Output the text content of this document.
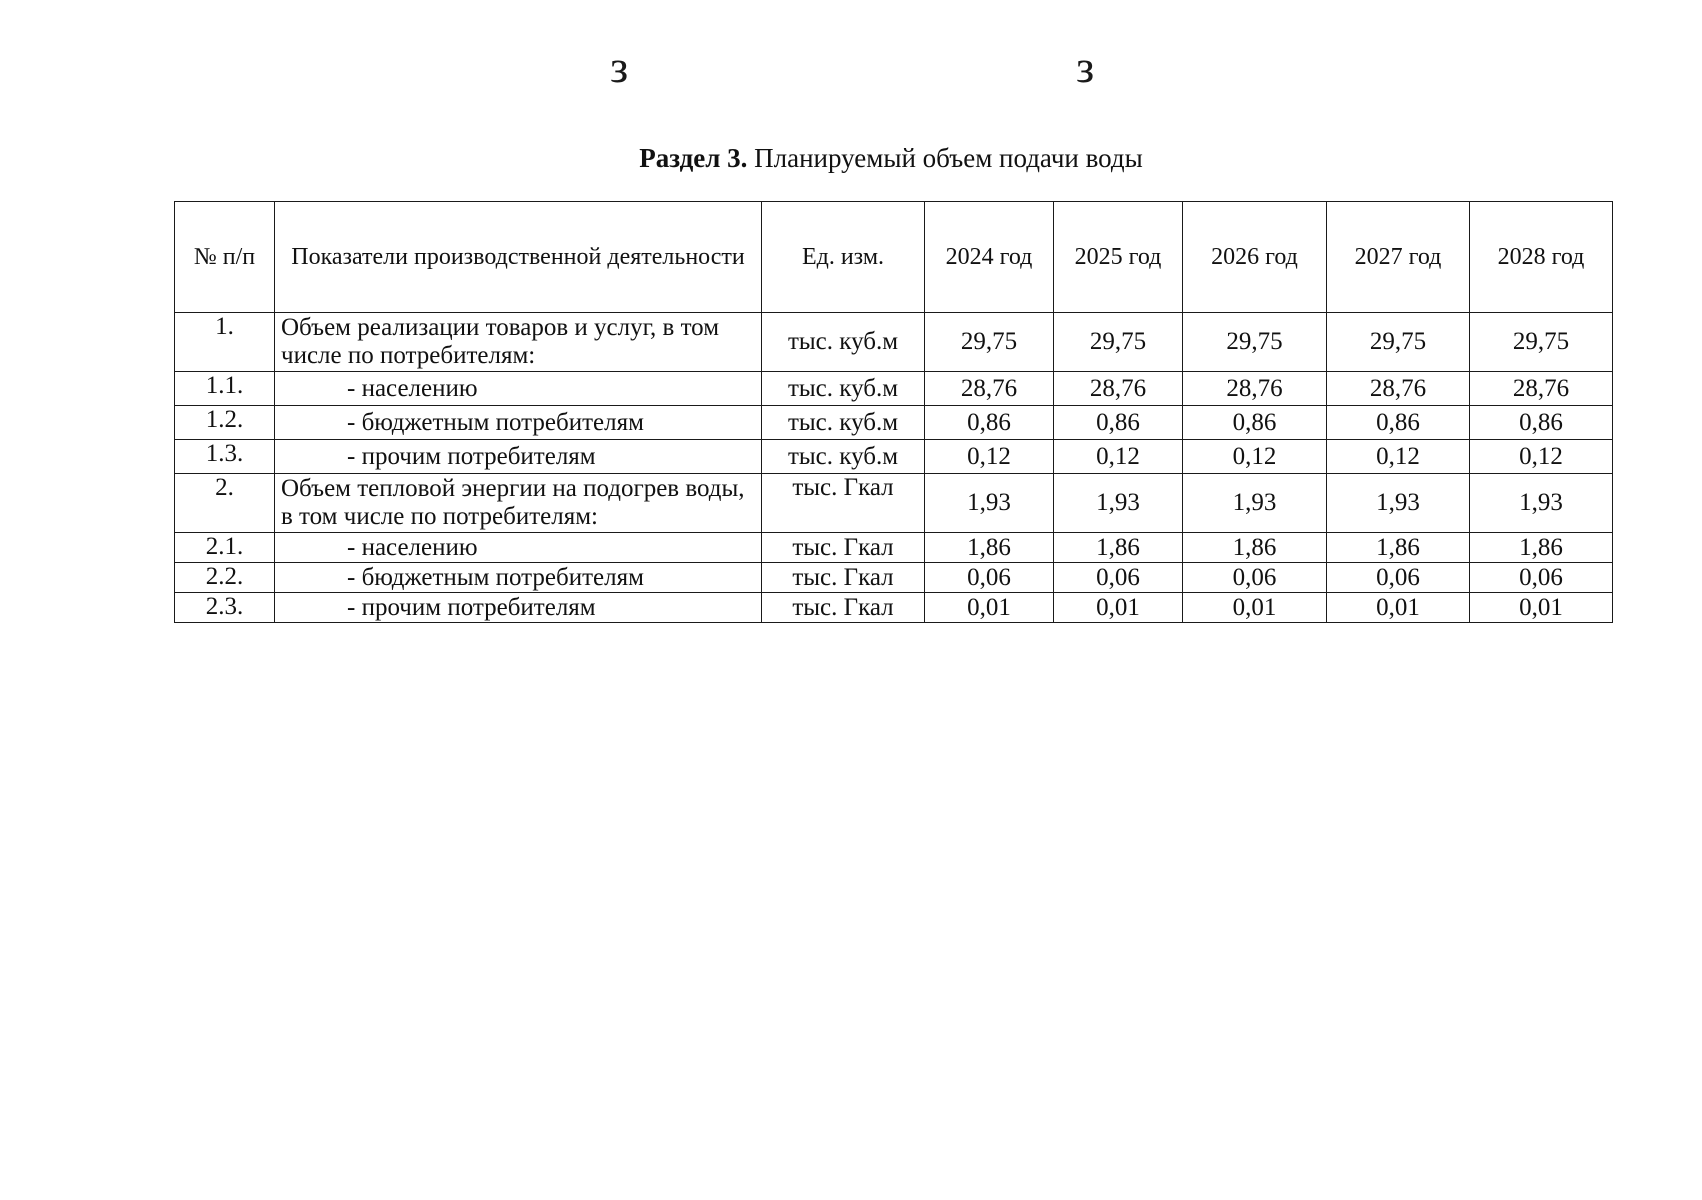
з	з
Раздел 3. Планируемый объем подачи воды
№ п/п	Показатели производственной деятельности	Ед. изм.	2024 год	2025 год	2026 год	2027 год	2028 год
1.	Объем реализации товаров и услуг, в том числе по потребителям:	тыс. куб.м	29,75	29,75	29,75	29,75	29,75
1.1.	- населению	тыс. куб.м	28,76	28,76	28,76	28,76	28,76
1.2.	- бюджетным потребителям	тыс. куб.м	0,86	0,86	0,86	0,86	0,86
1.3.	- прочим потребителям	тыс. куб.м	0,12	0,12	0,12	0,12	0,12
2.	Объем тепловой энергии на подогрев воды, в том числе по потребителям:	тыс. Гкал	1,93	1,93	1,93	1,93	1,93
2.1.	- населению	тыс. Гкал	1,86	1,86	1,86	1,86	1,86
2.2.	- бюджетным потребителям	тыс. Гкал	0,06	0,06	0,06	0,06	0,06
2.3.	- прочим потребителям	тыс. Гкал	0,01	0,01	0,01	0,01	0,01
